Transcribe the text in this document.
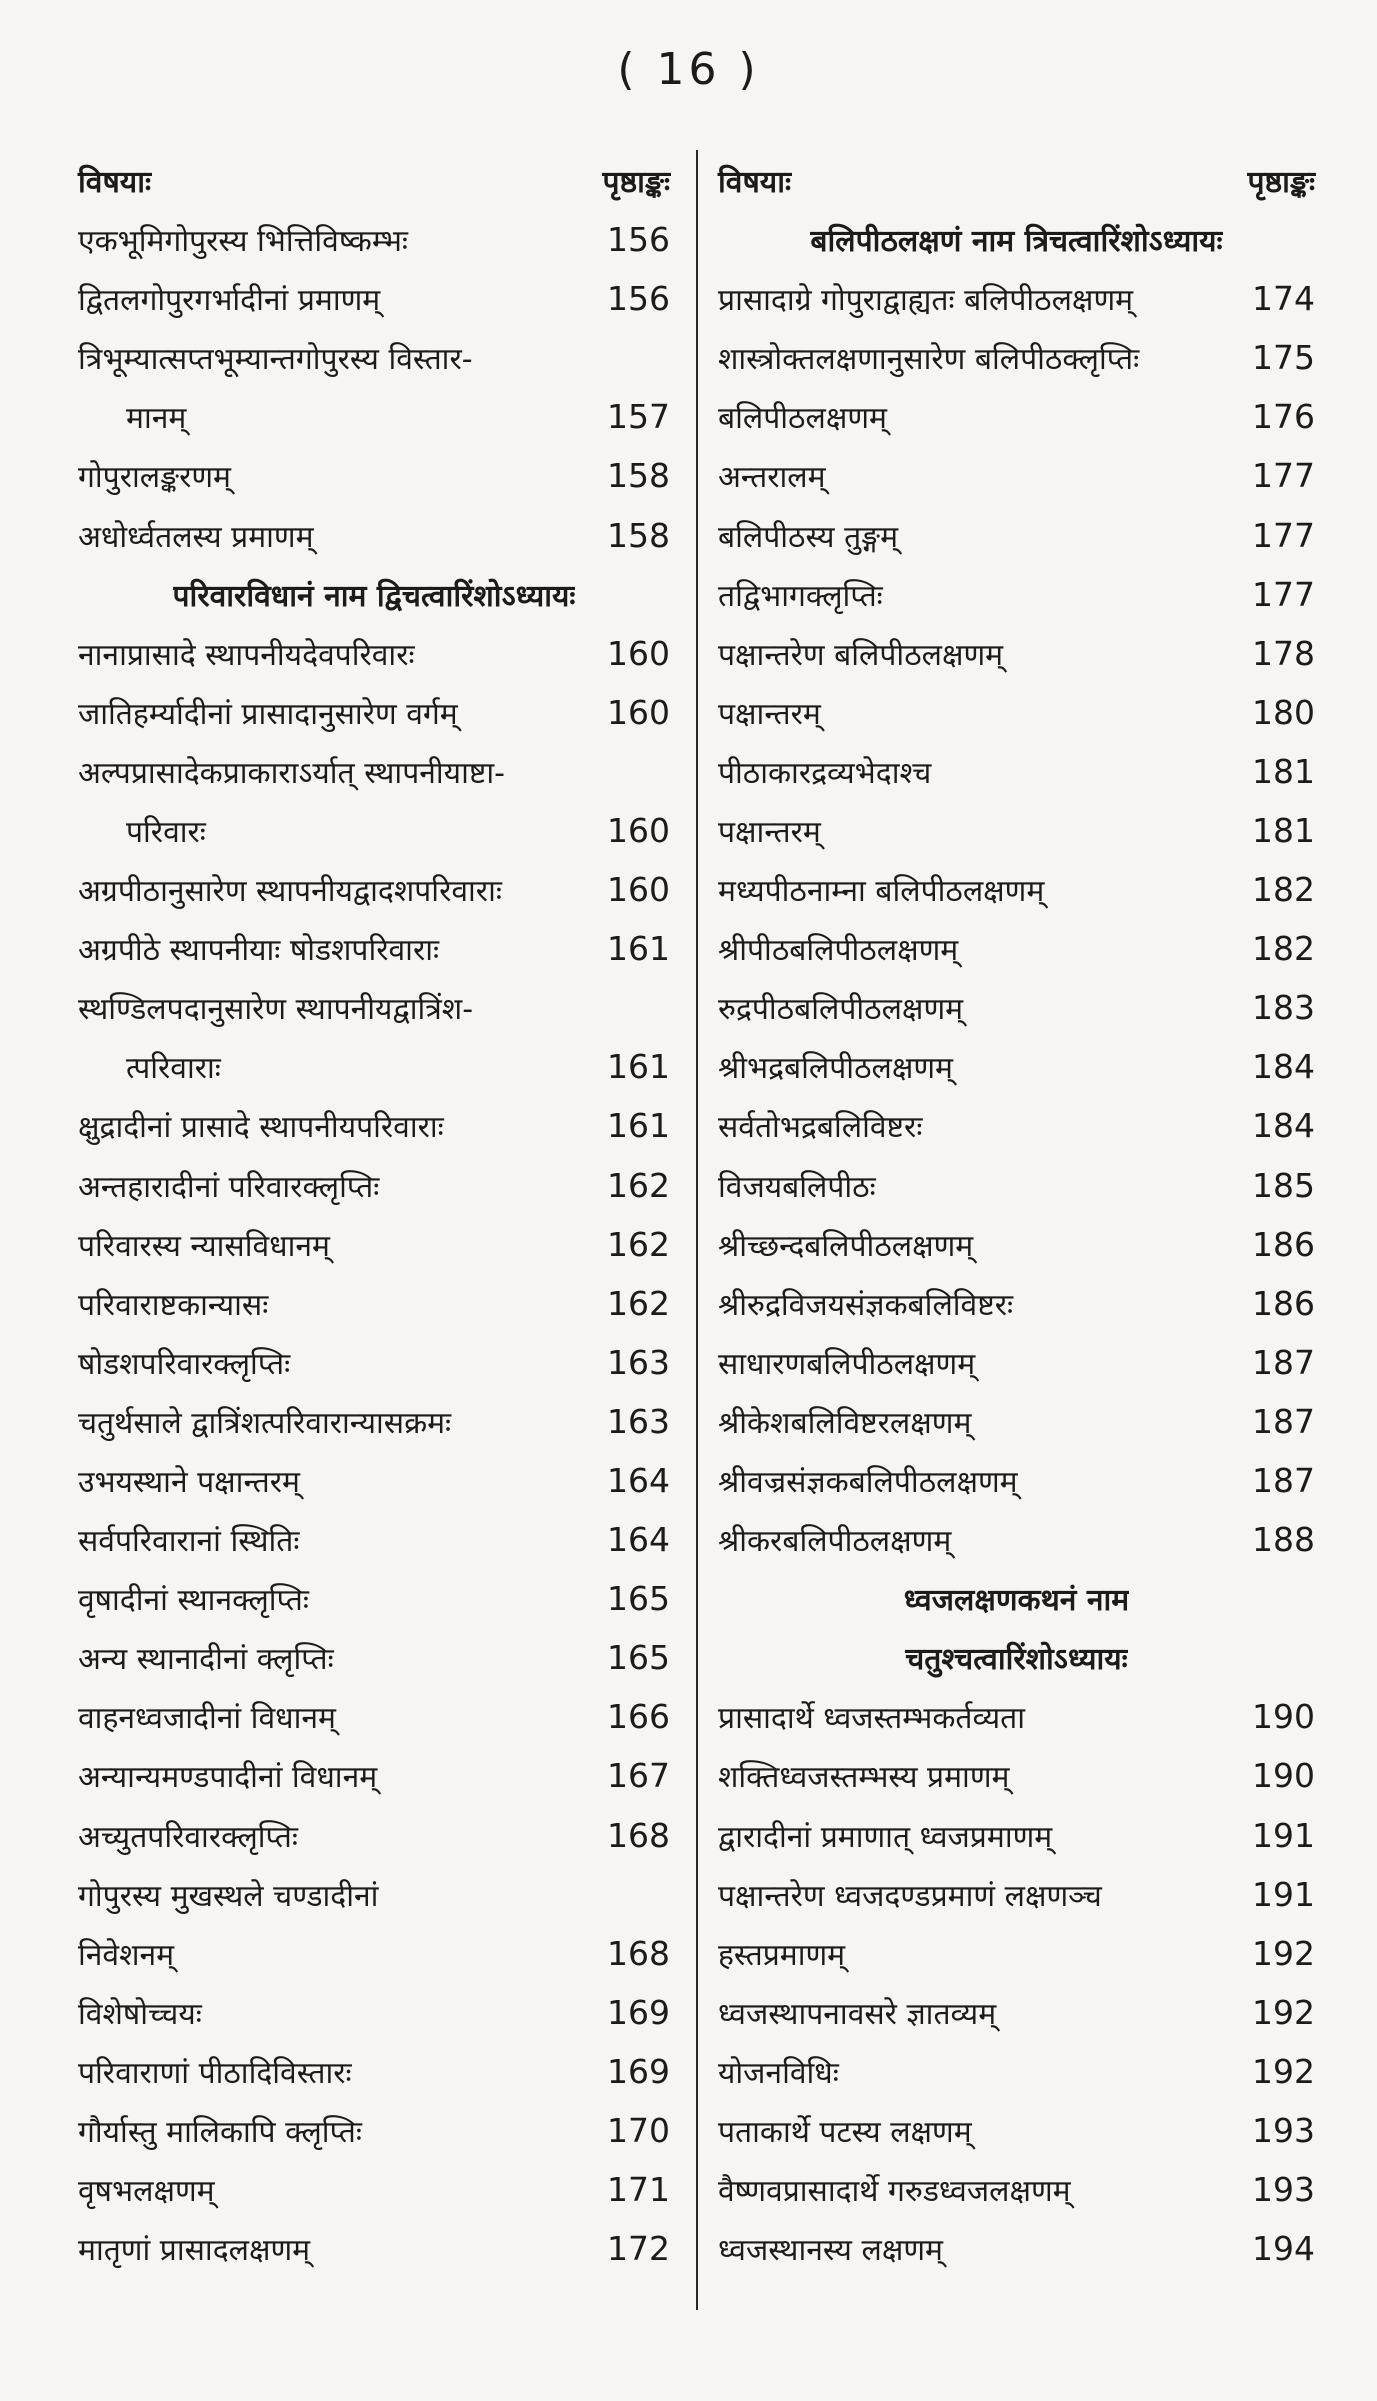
( 16 )
विषयाः	पृष्ठाङ्कः
एकभूमिगोपुरस्य भित्तिविष्कम्भः	156
द्वितलगोपुरगर्भादीनां प्रमाणम्	156
त्रिभूम्यात्सप्तभूम्यान्तगोपुरस्य विस्तार-
मानम्	157
गोपुरालङ्करणम्	158
अधोर्ध्वतलस्य प्रमाणम्	158
परिवारविधानं नाम द्विचत्वारिंशोऽध्यायः
नानाप्रासादे स्थापनीयदेवपरिवारः	160
जातिहर्म्यादीनां प्रासादानुसारेण वर्गम्	160
अल्पप्रासादेकप्राकाराऽर्यात् स्थापनीयाष्टा-
परिवारः	160
अग्रपीठानुसारेण स्थापनीयद्वादशपरिवाराः	160
अग्रपीठे स्थापनीयाः षोडशपरिवाराः	161
स्थण्डिलपदानुसारेण स्थापनीयद्वात्रिंश-
त्परिवाराः	161
क्षुद्रादीनां प्रासादे स्थापनीयपरिवाराः	161
अन्तहारादीनां परिवारक्लृप्तिः	162
परिवारस्य न्यासविधानम्	162
परिवाराष्टकान्यासः	162
षोडशपरिवारक्लृप्तिः	163
चतुर्थसाले द्वात्रिंशत्परिवारान्यासक्रमः	163
उभयस्थाने पक्षान्तरम्	164
सर्वपरिवारानां स्थितिः	164
वृषादीनां स्थानक्लृप्तिः	165
अन्य स्थानादीनां क्लृप्तिः	165
वाहनध्वजादीनां विधानम्	166
अन्यान्यमण्डपादीनां विधानम्	167
अच्युतपरिवारक्लृप्तिः	168
गोपुरस्य मुखस्थले चण्डादीनां
निवेशनम्	168
विशेषोच्चयः	169
परिवाराणां पीठादिविस्तारः	169
गौर्यास्तु मालिकापि क्लृप्तिः	170
वृषभलक्षणम्	171
मातृणां प्रासादलक्षणम्	172
विषयाः	पृष्ठाङ्कः
बलिपीठलक्षणं नाम त्रिचत्वारिंशोऽध्यायः
प्रासादाग्रे गोपुराद्वाह्यतः बलिपीठलक्षणम्	174
शास्त्रोक्तलक्षणानुसारेण बलिपीठक्लृप्तिः	175
बलिपीठलक्षणम्	176
अन्तरालम्	177
बलिपीठस्य तुङ्गम्	177
तद्विभागक्लृप्तिः	177
पक्षान्तरेण बलिपीठलक्षणम्	178
पक्षान्तरम्	180
पीठाकारद्रव्यभेदाश्च	181
पक्षान्तरम्	181
मध्यपीठनाम्ना बलिपीठलक्षणम्	182
श्रीपीठबलिपीठलक्षणम्	182
रुद्रपीठबलिपीठलक्षणम्	183
श्रीभद्रबलिपीठलक्षणम्	184
सर्वतोभद्रबलिविष्टरः	184
विजयबलिपीठः	185
श्रीच्छन्दबलिपीठलक्षणम्	186
श्रीरुद्रविजयसंज्ञकबलिविष्टरः	186
साधारणबलिपीठलक्षणम्	187
श्रीकेशबलिविष्टरलक्षणम्	187
श्रीवज्रसंज्ञकबलिपीठलक्षणम्	187
श्रीकरबलिपीठलक्षणम्	188
ध्वजलक्षणकथनं नाम
चतुश्चत्वारिंशोऽध्यायः
प्रासादार्थे ध्वजस्तम्भकर्तव्यता	190
शक्तिध्वजस्तम्भस्य प्रमाणम्	190
द्वारादीनां प्रमाणात् ध्वजप्रमाणम्	191
पक्षान्तरेण ध्वजदण्डप्रमाणं लक्षणञ्च	191
हस्तप्रमाणम्	192
ध्वजस्थापनावसरे ज्ञातव्यम्	192
योजनविधिः	192
पताकार्थे पटस्य लक्षणम्	193
वैष्णवप्रासादार्थे गरुडध्वजलक्षणम्	193
ध्वजस्थानस्य लक्षणम्	194
